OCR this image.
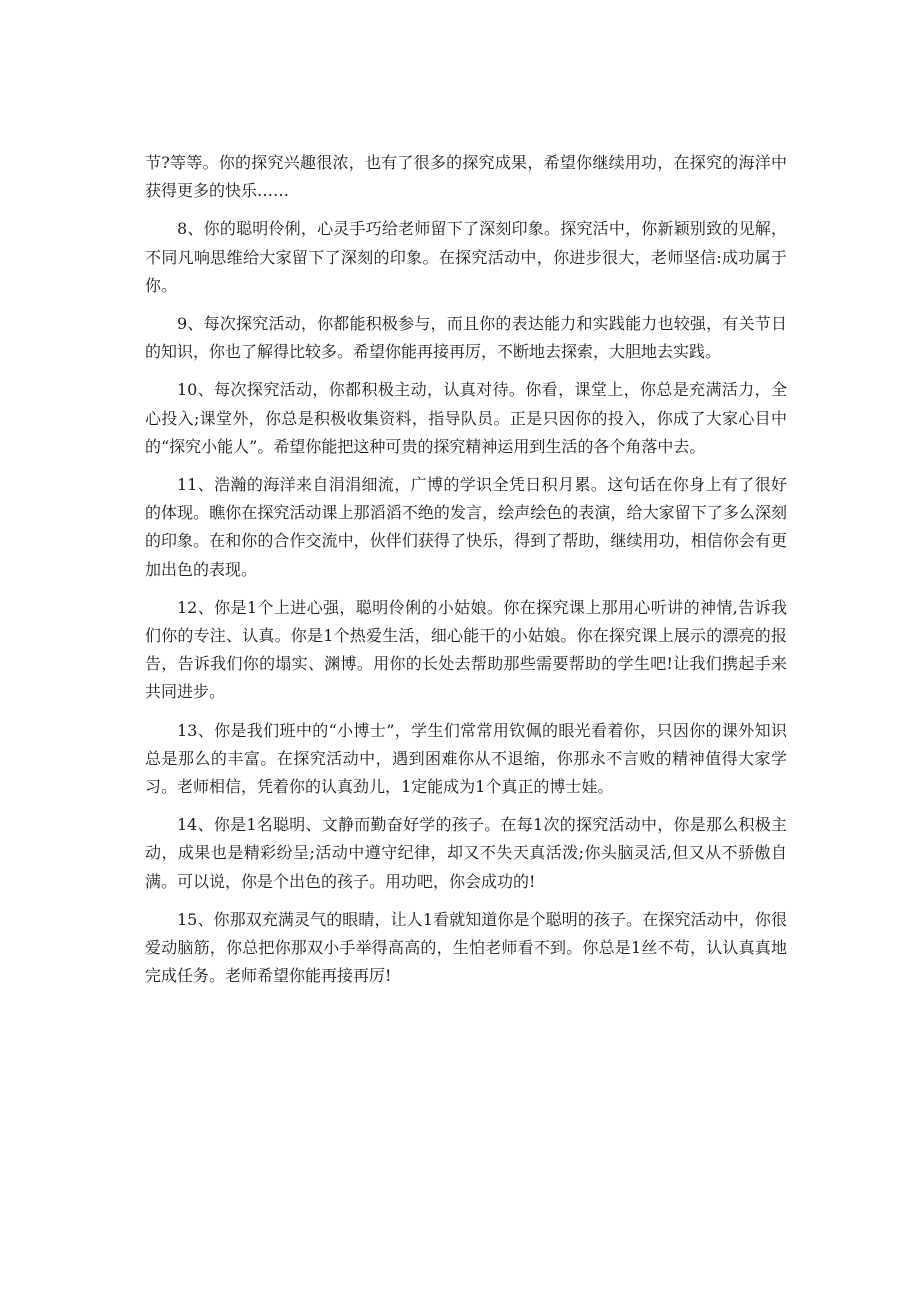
节?等等。你的探究兴趣很浓，也有了很多的探究成果，希望你继续用功，在探究的海洋中获得更多的快乐……

8、你的聪明伶俐，心灵手巧给老师留下了深刻印象。探究活中，你新颖别致的见解，不同凡响思维给大家留下了深刻的印象。在探究活动中，你进步很大，老师坚信:成功属于你。

9、每次探究活动，你都能积极参与，而且你的表达能力和实践能力也较强，有关节日的知识，你也了解得比较多。希望你能再接再厉，不断地去探索，大胆地去实践。

10、每次探究活动，你都积极主动，认真对待。你看，课堂上，你总是充满活力，全心投入;课堂外，你总是积极收集资料，指导队员。正是只因你的投入，你成了大家心目中的“探究小能人”。希望你能把这种可贵的探究精神运用到生活的各个角落中去。

11、浩瀚的海洋来自涓涓细流，广博的学识全凭日积月累。这句话在你身上有了很好的体现。瞧你在探究活动课上那滔滔不绝的发言，绘声绘色的表演，给大家留下了多么深刻的印象。在和你的合作交流中，伙伴们获得了快乐，得到了帮助，继续用功，相信你会有更加出色的表现。

12、你是1个上进心强，聪明伶俐的小姑娘。你在探究课上那用心听讲的神情,告诉我们你的专注、认真。你是1个热爱生活，细心能干的小姑娘。你在探究课上展示的漂亮的报告，告诉我们你的塌实、渊博。用你的长处去帮助那些需要帮助的学生吧!让我们携起手来共同进步。

13、你是我们班中的“小博士”，学生们常常用钦佩的眼光看着你，只因你的课外知识总是那么的丰富。在探究活动中，遇到困难你从不退缩，你那永不言败的精神值得大家学习。老师相信，凭着你的认真劲儿，1定能成为1个真正的博士娃。

14、你是1名聪明、文静而勤奋好学的孩子。在每1次的探究活动中，你是那么积极主动，成果也是精彩纷呈;活动中遵守纪律，却又不失天真活泼;你头脑灵活,但又从不骄傲自满。可以说，你是个出色的孩子。用功吧，你会成功的!

15、你那双充满灵气的眼睛，让人1看就知道你是个聪明的孩子。在探究活动中，你很爱动脑筋，你总把你那双小手举得高高的，生怕老师看不到。你总是1丝不苟，认认真真地完成任务。老师希望你能再接再厉!
